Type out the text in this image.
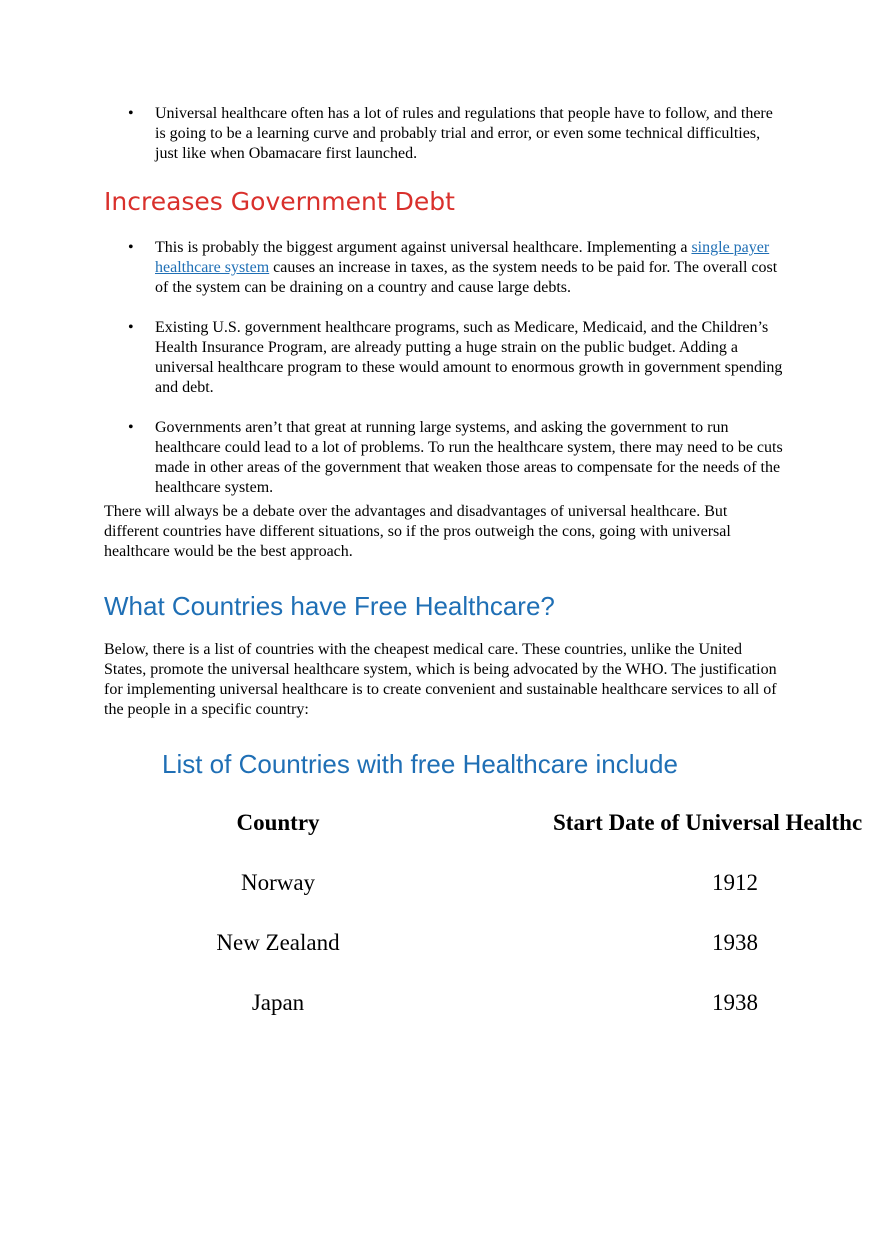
• Universal healthcare often has a lot of rules and regulations that people have to follow, and there is going to be a learning curve and probably trial and error, or even some technical difficulties, just like when Obamacare first launched.
Increases Government Debt
• This is probably the biggest argument against universal healthcare. Implementing a single payer healthcare system causes an increase in taxes, as the system needs to be paid for. The overall cost of the system can be draining on a country and cause large debts.
• Existing U.S. government healthcare programs, such as Medicare, Medicaid, and the Children’s Health Insurance Program, are already putting a huge strain on the public budget. Adding a universal healthcare program to these would amount to enormous growth in government spending and debt.
• Governments aren’t that great at running large systems, and asking the government to run healthcare could lead to a lot of problems. To run the healthcare system, there may need to be cuts made in other areas of the government that weaken those areas to compensate for the needs of the healthcare system.

There will always be a debate over the advantages and disadvantages of universal healthcare. But different countries have different situations, so if the pros outweigh the cons, going with universal healthcare would be the best approach.

What Countries have Free Healthcare?

Below, there is a list of countries with the cheapest medical care. These countries, unlike the United States, promote the universal healthcare system, which is being advocated by the WHO. The justification for implementing universal healthcare is to create convenient and sustainable healthcare services to all of the people in a specific country:

List of Countries with free Healthcare include
Country	Start Date of Universal Healthc
Norway	1912
New Zealand	1938
Japan	1938
